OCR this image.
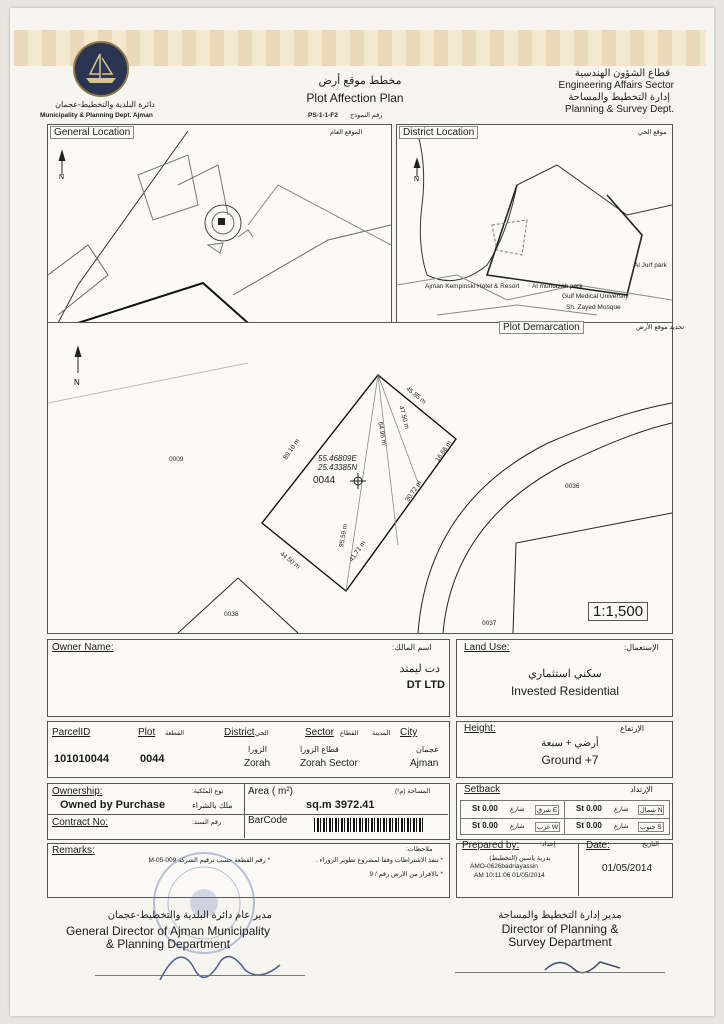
دائرة البلدية والتخطيط-عجمان
Municipality & Planning Dept. Ajman
مخطط موقع أرض
Plot Affection Plan
PS-1-1-F2 رقم النموذج
قطاع الشؤون الهندسية
Engineering Affairs Sector
إدارة التخطيط والمساحة
Planning & Survey Dept.
N
General Location	الموقع العام
N
District Location	موقع الحي
Ajman Kempinski Hotel & Resort Al muntazah park
Gulf Medical University
Sh. Zayed Mosque
Al Jurf park
N
Plot Demarcation	تحديد موقع الأرض
55.46809E
25.43385N
0044
45.85 m
47.50 m
16.66 m
30.72 m
41.71 m
44.50 m
89.10 m
64.96 m
95.59 m
0009
0036
0038
0037
1:1,500
Owner Name:	اسم المالك:
دت ليمتد
DT LTD
Land Use:	الإستعمال:
سكني استثماري
Invested Residential
ParcelID
101010044
Plot القطعة
0044
District الحي
الزورا
Zorah
Sector القطاع
قطاع الزورا
Zorah Sector
City
المدينة
عجمان
Ajman
Height:	الإرتفاع
أرضي + سبعة
Ground +7
Ownership:	نوع الملكية:
Owned by Purchase	ملك بالشراء
Area ( m²)	المساحة (م²)
sq.m 3972.41
Contract No:	رقم السند:	BarCode
Setback	الإرتداد
St 0.00 شارع	شرق E St 0.00 شارع	شمال N
St 0.00 شارع	غرب W St 0.00 شارع	جنوب S
Remarks:	ملاحظات:
* تنفذ الاشتراطات وفقا لمشروع تطوير الزوراء .
* رقم القطعة حسب ترقيم الشركة M-05-009
* بالافراز من الارض رقم / 9
Prepared by:	إعداد:
بدرية ياسين (التخطيط)
AMO-0626badriayassin
AM 10:11:06 01/05/2014
Date:	التاريخ
01/05/2014
مدير عام دائرة البلدية والتخطيط-عجمان
General Director of Ajman Municipality
& Planning Department
مدير إدارة التخطيط والمساحة
Director of Planning &
Survey Department
